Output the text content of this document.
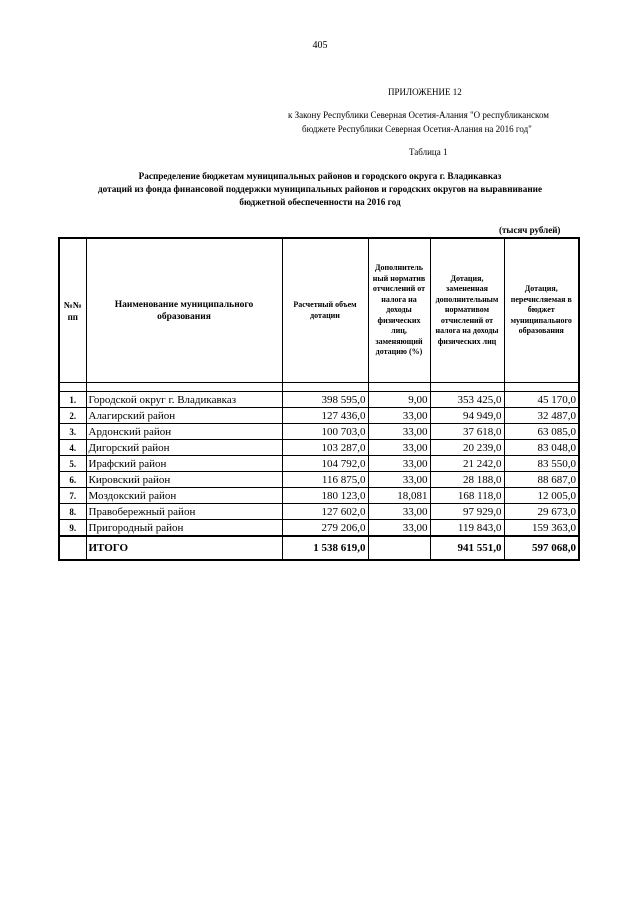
405
ПРИЛОЖЕНИЕ 12
к Закону Республики Северная Осетия-Алания "О республиканском
бюджете Республики Северная Осетия-Алания на 2016 год"
Таблица 1
Распределение бюджетам муниципальных районов и городского округа г. Владикавказ
дотаций из фонда финансовой поддержки муниципальных районов и городских округов на выравнивание
бюджетной обеспеченности на 2016 год
(тысяч рублей)
№№ пп	Наименование муниципального образования	Расчетный объем дотации	Дополнитель ный норматив отчислений от налога на доходы физических лиц, заменяющий дотацию (%)	Дотация, замененная дополнительным нормативом отчислений от налога на доходы физических лиц	Дотация, перечисляемая в бюджет муниципального образования

1.	Городской округ г. Владикавказ	398 595,0	9,00	353 425,0	45 170,0
2.	Алагирский район	127 436,0	33,00	94 949,0	32 487,0
3.	Ардонский район	100 703,0	33,00	37 618,0	63 085,0
4.	Дигорский район	103 287,0	33,00	20 239,0	83 048,0
5.	Ирафский район	104 792,0	33,00	21 242,0	83 550,0
6.	Кировский район	116 875,0	33,00	28 188,0	88 687,0
7.	Моздокский район	180 123,0	18,081	168 118,0	12 005,0
8.	Правобережный район	127 602,0	33,00	97 929,0	29 673,0
9.	Пригородный район	279 206,0	33,00	119 843,0	159 363,0
	ИТОГО	1 538 619,0		941 551,0	597 068,0
